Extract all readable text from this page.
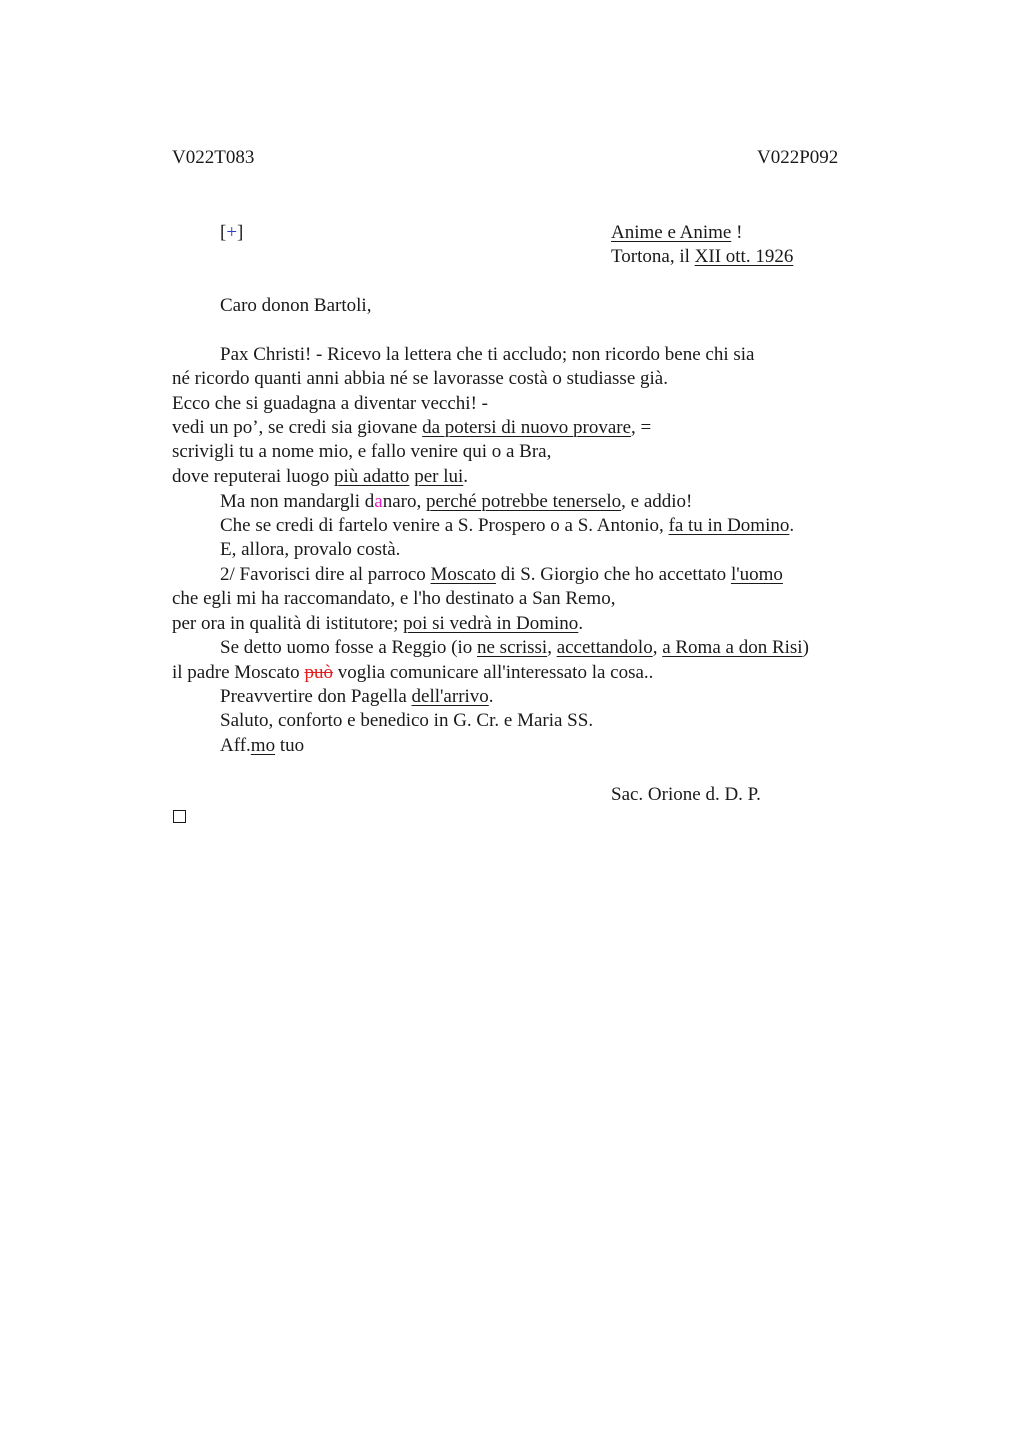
V022T083	V022P092
[+]	Anime e Anime !
Tortona, il XII ott. 1926
Caro donon Bartoli,
Pax Christi! - Ricevo la lettera che ti accludo; non ricordo bene chi sia
né ricordo quanti anni abbia né se lavorasse costà o studiasse già.
Ecco che si guadagna a diventar vecchi! -
vedi un po’, se credi sia giovane da potersi di nuovo provare, =
scrivigli tu a nome mio, e fallo venire qui o a Bra,
dove reputerai luogo più adatto per lui.
Ma non mandargli danaro, perché potrebbe tenerselo, e addio!
Che se credi di fartelo venire a S. Prospero o a S. Antonio, fa tu in Domino.
E, allora, provalo costà.
2/ Favorisci dire al parroco Moscato di S. Giorgio che ho accettato l'uomo
che egli mi ha raccomandato, e l'ho destinato a San Remo,
per ora in qualità di istitutore; poi si vedrà in Domino.
Se detto uomo fosse a Reggio (io ne scrissi, accettandolo, a Roma a don Risi)
il padre Moscato può voglia comunicare all'interessato la cosa..
Preavvertire don Pagella dell'arrivo.
Saluto, conforto e benedico in G. Cr. e Maria SS.
Aff.mo tuo
Sac. Orione d. D. P.
